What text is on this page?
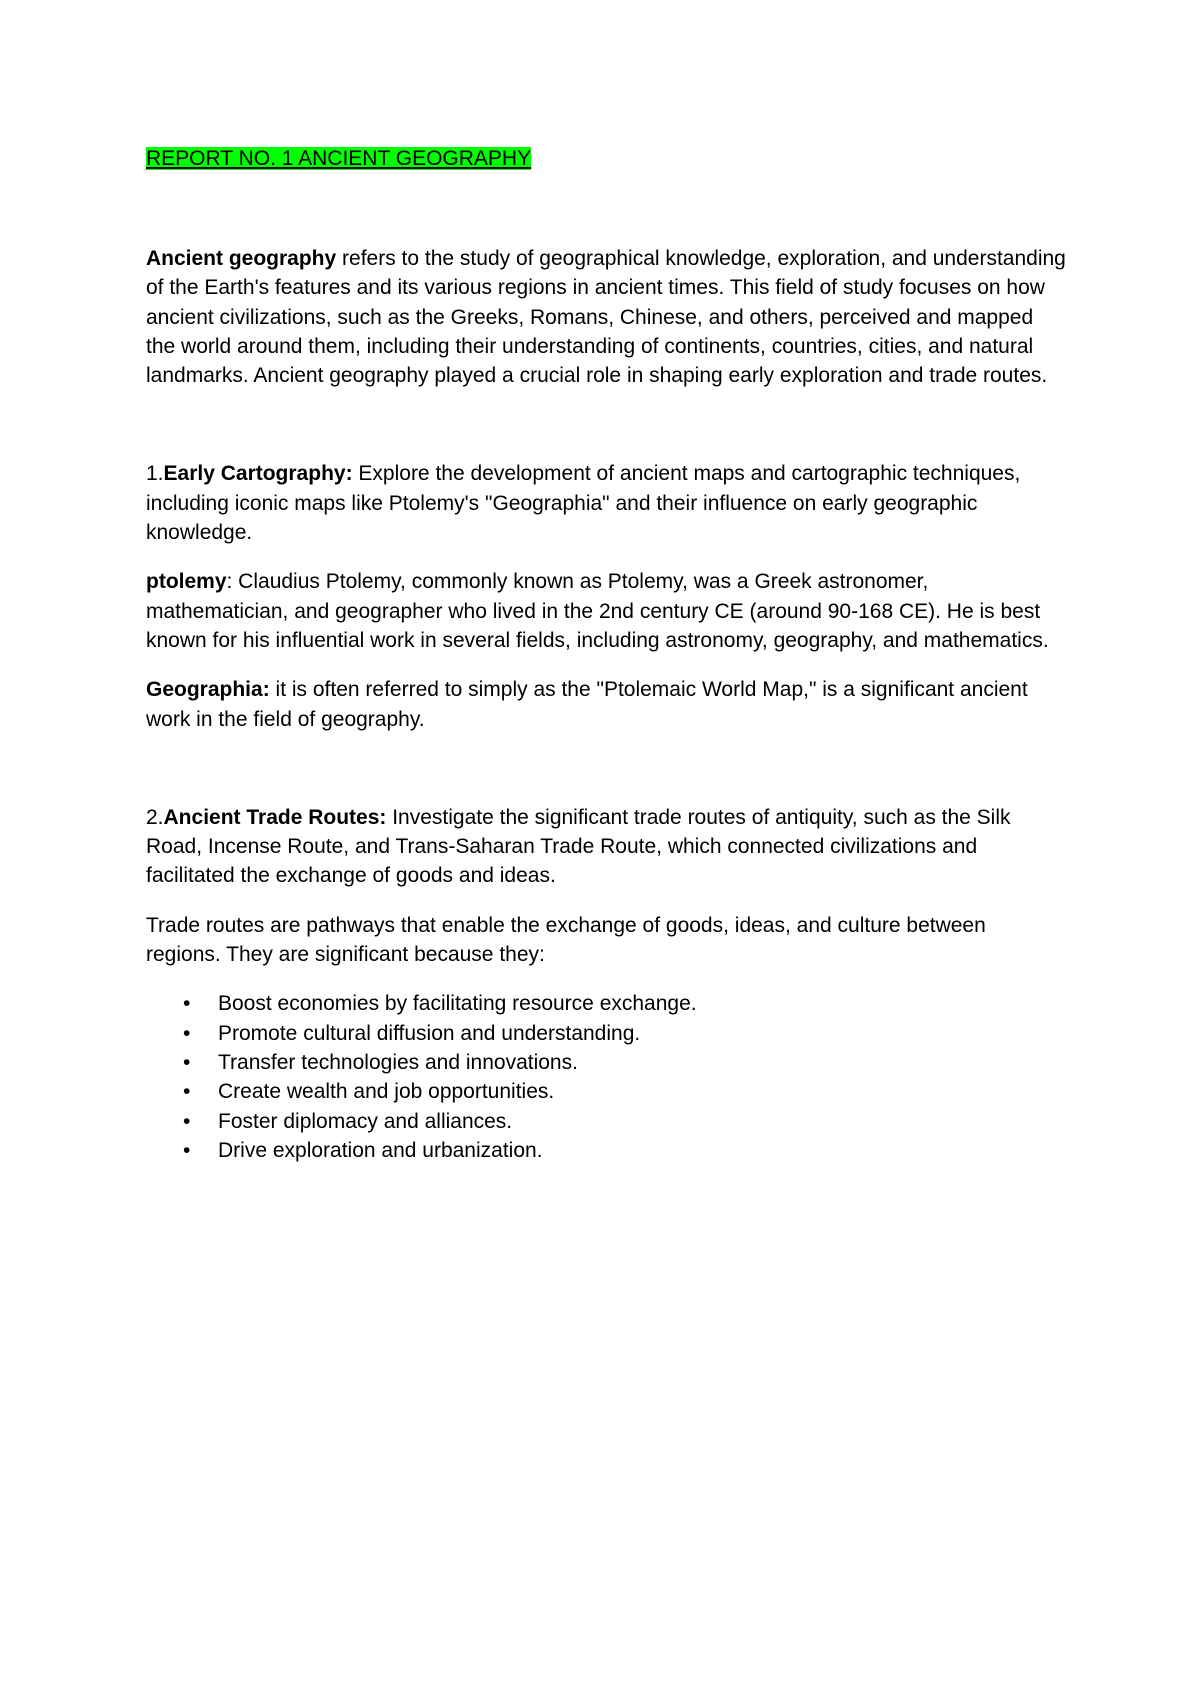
REPORT NO. 1 ANCIENT GEOGRAPHY

Ancient geography refers to the study of geographical knowledge, exploration, and understanding of the Earth's features and its various regions in ancient times. This field of study focuses on how ancient civilizations, such as the Greeks, Romans, Chinese, and others, perceived and mapped the world around them, including their understanding of continents, countries, cities, and natural landmarks. Ancient geography played a crucial role in shaping early exploration and trade routes.

1.Early Cartography: Explore the development of ancient maps and cartographic techniques, including iconic maps like Ptolemy's "Geographia" and their influence on early geographic knowledge.

ptolemy: Claudius Ptolemy, commonly known as Ptolemy, was a Greek astronomer, mathematician, and geographer who lived in the 2nd century CE (around 90-168 CE). He is best known for his influential work in several fields, including astronomy, geography, and mathematics.

Geographia: it is often referred to simply as the "Ptolemaic World Map," is a significant ancient work in the field of geography.

2.Ancient Trade Routes: Investigate the significant trade routes of antiquity, such as the Silk Road, Incense Route, and Trans-Saharan Trade Route, which connected civilizations and facilitated the exchange of goods and ideas.

Trade routes are pathways that enable the exchange of goods, ideas, and culture between regions. They are significant because they:

• Boost economies by facilitating resource exchange.
• Promote cultural diffusion and understanding.
• Transfer technologies and innovations.
• Create wealth and job opportunities.
• Foster diplomacy and alliances.
• Drive exploration and urbanization.
